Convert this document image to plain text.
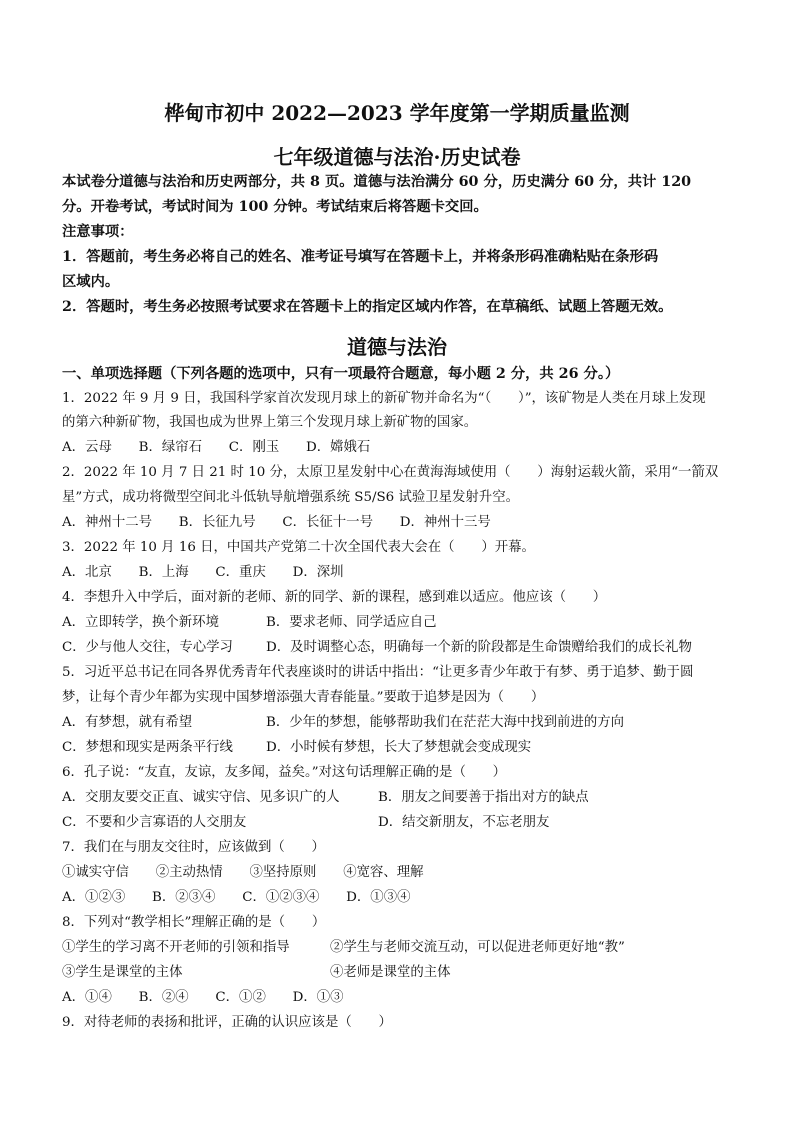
桦甸市初中 2022—2023 学年度第一学期质量监测
七年级道德与法治·历史试卷
本试卷分道德与法治和历史两部分，共 8 页。道德与法治满分 60 分，历史满分 60 分，共计 120
分。开卷考试，考试时间为 100 分钟。考试结束后将答题卡交回。
注意事项：
1．答题前，考生务必将自己的姓名、准考证号填写在答题卡上，并将条形码准确粘贴在条形码
区域内。
2．答题时，考生务必按照考试要求在答题卡上的指定区域内作答，在草稿纸、试题上答题无效。
道德与法治
一、单项选择题（下列各题的选项中，只有一项最符合题意，每小题 2 分，共 26 分。）
1．2022 年 9 月 9 日，我国科学家首次发现月球上的新矿物并命名为“（　　）”，该矿物是人类在月球上发现
的第六种新矿物，我国也成为世界上第三个发现月球上新矿物的国家。
A．云母　　B．绿帘石　　C．刚玉　　D．嫦娥石
2．2022 年 10 月 7 日 21 时 10 分，太原卫星发射中心在黄海海域使用（　　）海射运载火箭，采用“一箭双
星”方式，成功将微型空间北斗低轨导航增强系统 S5/S6 试验卫星发射升空。
A．神州十二号　　B．长征九号　　C．长征十一号　　D．神州十三号
3．2022 年 10 月 16 日，中国共产党第二十次全国代表大会在（　　）开幕。
A．北京　　B．上海　　C．重庆　　D．深圳
4．李想升入中学后，面对新的老师、新的同学、新的课程，感到难以适应。他应该（　　）
A．立即转学，换个新环境	B．要求老师、同学适应自己
C．少与他人交往，专心学习 D．及时调整心态，明确每一个新的阶段都是生命馈赠给我们的成长礼物
5．习近平总书记在同各界优秀青年代表座谈时的讲话中指出：“让更多青少年敢于有梦、勇于追梦、勤于圆
梦，让每个青少年都为实现中国梦增添强大青春能量。”要敢于追梦是因为（　　）
A．有梦想，就有希望	B．少年的梦想，能够帮助我们在茫茫大海中找到前进的方向
C．梦想和现实是两条平行线 D．小时候有梦想，长大了梦想就会变成现实
6．孔子说：“友直，友谅，友多闻，益矣。”对这句话理解正确的是（　　）
A．交朋友要交正直、诚实守信、见多识广的人	B．朋友之间要善于指出对方的缺点
C．不要和少言寡语的人交朋友	D．结交新朋友，不忘老朋友
7．我们在与朋友交往时，应该做到（　　）
①诚实守信　　②主动热情　　③坚持原则　　④宽容、理解
A．①②③　　B．②③④　　C．①②③④　　D．①③④
8．下列对“教学相长”理解正确的是（　　）
①学生的学习离不开老师的引领和指导	②学生与老师交流互动，可以促进老师更好地“教”
③学生是课堂的主体	④老师是课堂的主体
A．①④　　B．②④　　C．①②　　D．①③
9．对待老师的表扬和批评，正确的认识应该是（　　）
